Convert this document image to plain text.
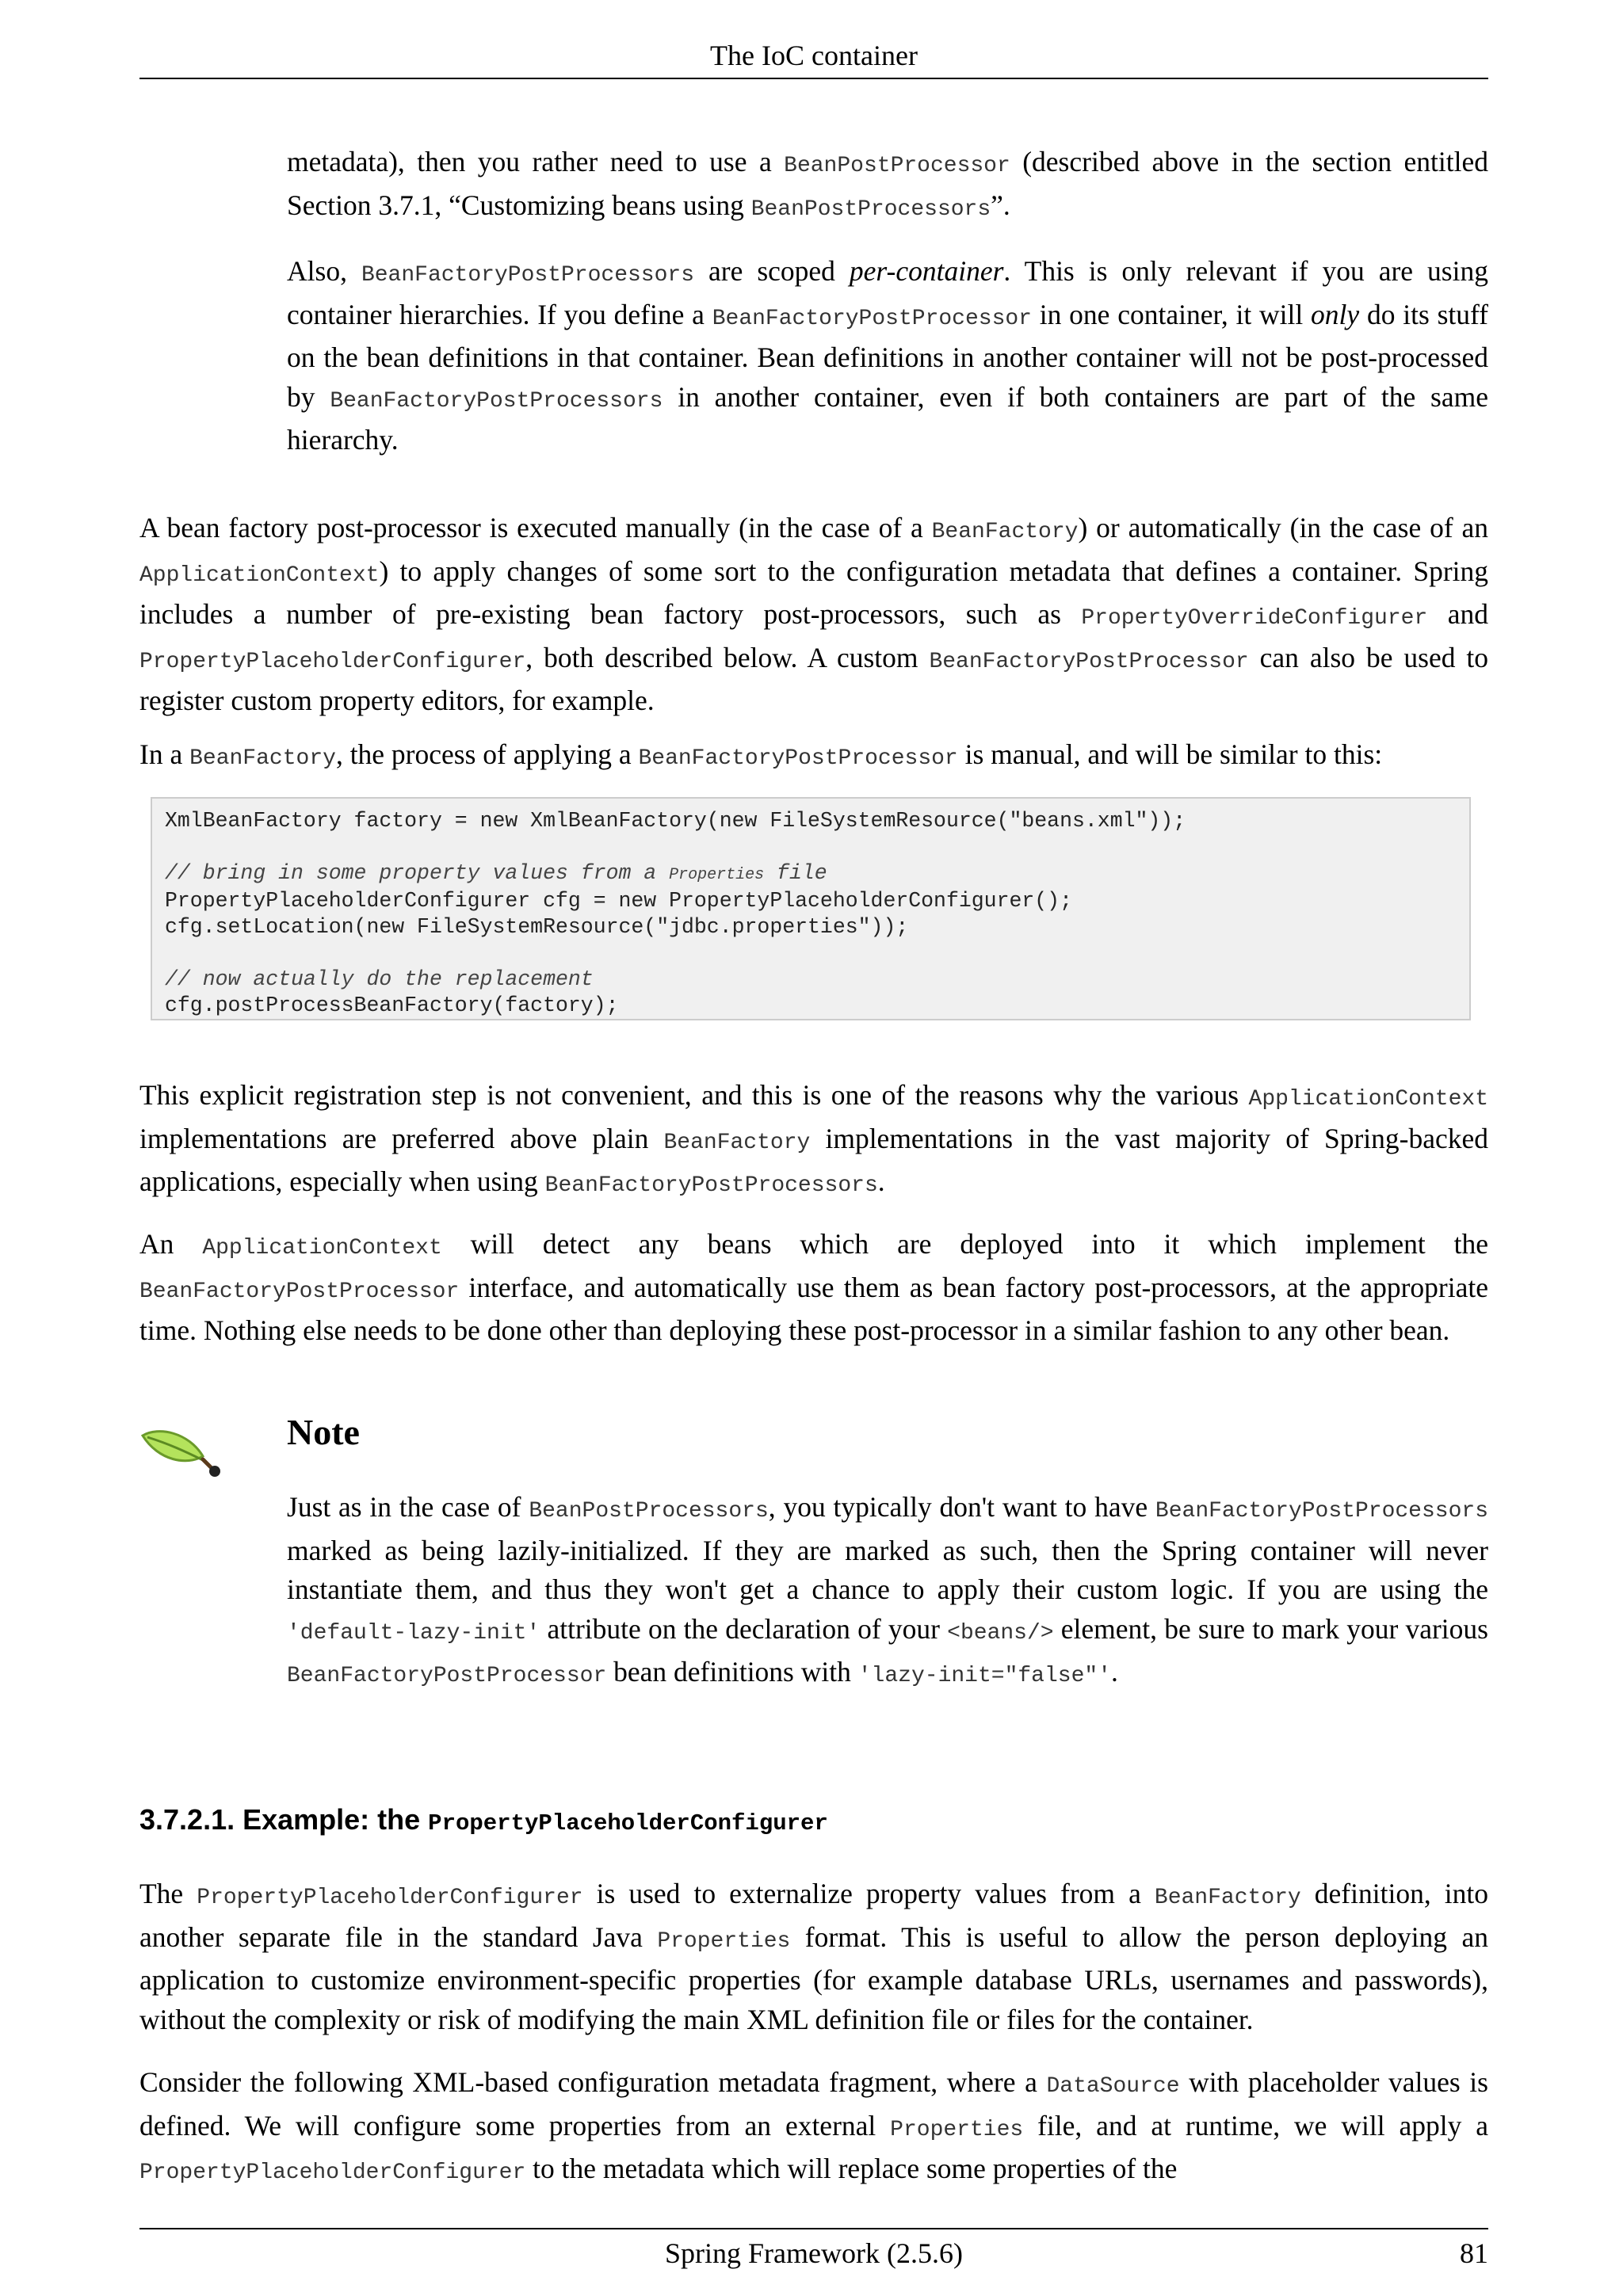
The IoC container

metadata), then you rather need to use a BeanPostProcessor (described above in the section entitled Section 3.7.1, “Customizing beans using BeanPostProcessors”.

Also, BeanFactoryPostProcessors are scoped per-container. This is only relevant if you are using container hierarchies. If you define a BeanFactoryPostProcessor in one container, it will only do its stuff on the bean definitions in that container. Bean definitions in another container will not be post-processed by BeanFactoryPostProcessors in another container, even if both containers are part of the same hierarchy.

A bean factory post-processor is executed manually (in the case of a BeanFactory) or automatically (in the case of an ApplicationContext) to apply changes of some sort to the configuration metadata that defines a container. Spring includes a number of pre-existing bean factory post-processors, such as PropertyOverrideConfigurer and PropertyPlaceholderConfigurer, both described below. A custom BeanFactoryPostProcessor can also be used to register custom property editors, for example.

In a BeanFactory, the process of applying a BeanFactoryPostProcessor is manual, and will be similar to this:

XmlBeanFactory factory = new XmlBeanFactory(new FileSystemResource("beans.xml"));

// bring in some property values from a Properties file
PropertyPlaceholderConfigurer cfg = new PropertyPlaceholderConfigurer();
cfg.setLocation(new FileSystemResource("jdbc.properties"));

// now actually do the replacement
cfg.postProcessBeanFactory(factory);

This explicit registration step is not convenient, and this is one of the reasons why the various ApplicationContext implementations are preferred above plain BeanFactory implementations in the vast majority of Spring-backed applications, especially when using BeanFactoryPostProcessors.

An ApplicationContext will detect any beans which are deployed into it which implement the BeanFactoryPostProcessor interface, and automatically use them as bean factory post-processors, at the appropriate time. Nothing else needs to be done other than deploying these post-processor in a similar fashion to any other bean.

Note

Just as in the case of BeanPostProcessors, you typically don't want to have BeanFactoryPostProcessors marked as being lazily-initialized. If they are marked as such, then the Spring container will never instantiate them, and thus they won't get a chance to apply their custom logic. If you are using the 'default-lazy-init' attribute on the declaration of your <beans/> element, be sure to mark your various BeanFactoryPostProcessor bean definitions with 'lazy-init="false"'.

3.7.2.1. Example: the PropertyPlaceholderConfigurer

The PropertyPlaceholderConfigurer is used to externalize property values from a BeanFactory definition, into another separate file in the standard Java Properties format. This is useful to allow the person deploying an application to customize environment-specific properties (for example database URLs, usernames and passwords), without the complexity or risk of modifying the main XML definition file or files for the container.

Consider the following XML-based configuration metadata fragment, where a DataSource with placeholder values is defined. We will configure some properties from an external Properties file, and at runtime, we will apply a PropertyPlaceholderConfigurer to the metadata which will replace some properties of the

Spring Framework (2.5.6)	81
